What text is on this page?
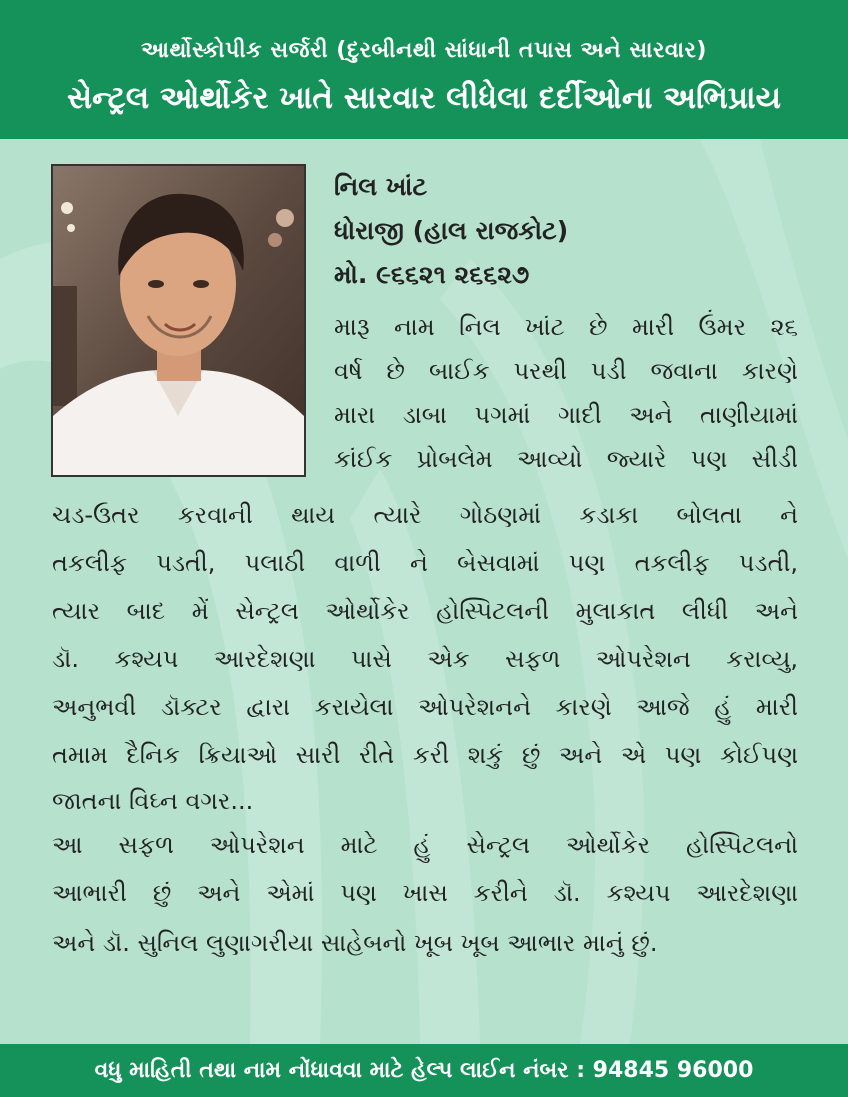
આર્થોસ્કોપીક સર્જરી (દુરબીનથી સાંધાની તપાસ અને સારવાર)
સેન્ટ્રલ ઓર્થોકેર ખાતે સારવાર લીધેલા દર્દીઓના અભિપ્રાય
નિલ ખાંટ
ધોરાજી (હાલ રાજકોટ)
મો. ૯૬૬૨૧ ૨૬૬૨૭
મારૂ નામ નિલ ખાંટ છે મારી ઉંમર ૨૬
વર્ષ છે બાઈક પરથી પડી જવાના કારણે
મારા ડાબા પગમાં ગાદી અને તાણીયામાં
કાંઈક પ્રોબલેમ આવ્યો જ્યારે પણ સીડી
ચડ-ઉતર કરવાની થાય ત્યારે ગોઠણમાં કડાકા બોલતા ને
તકલીફ પડતી, પલાઠી વાળી ને બેસવામાં પણ તકલીફ પડતી,
ત્યાર બાદ મેં સેન્ટ્રલ ઓર્થોકેર હોસ્પિટલની મુલાકાત લીધી અને
ડૉ. કશ્યપ આરદેશણા પાસે એક સફળ ઓપરેશન કરાવ્યુ,
અનુભવી ડૉક્ટર દ્વારા કરાયેલા ઓપરેશનને કારણે આજે હું મારી
તમામ દૈનિક ક્રિયાઓ સારી રીતે કરી શકું છું અને એ પણ કોઈપણ
જાતના વિઘ્ન વગર...
આ સફળ ઓપરેશન માટે હું સેન્ટ્રલ ઓર્થોકેર હોસ્પિટલનો
આભારી છું અને એમાં પણ ખાસ કરીને ડૉ. કશ્યપ આરદેશણા
અને ડૉ. સુનિલ લુણાગરીયા સાહેબનો ખૂબ ખૂબ આભાર માનું છું.
વધુ માહિતી તથા નામ નોંધાવવા માટે હેલ્પ લાઈન નંબર : 94845 96000
